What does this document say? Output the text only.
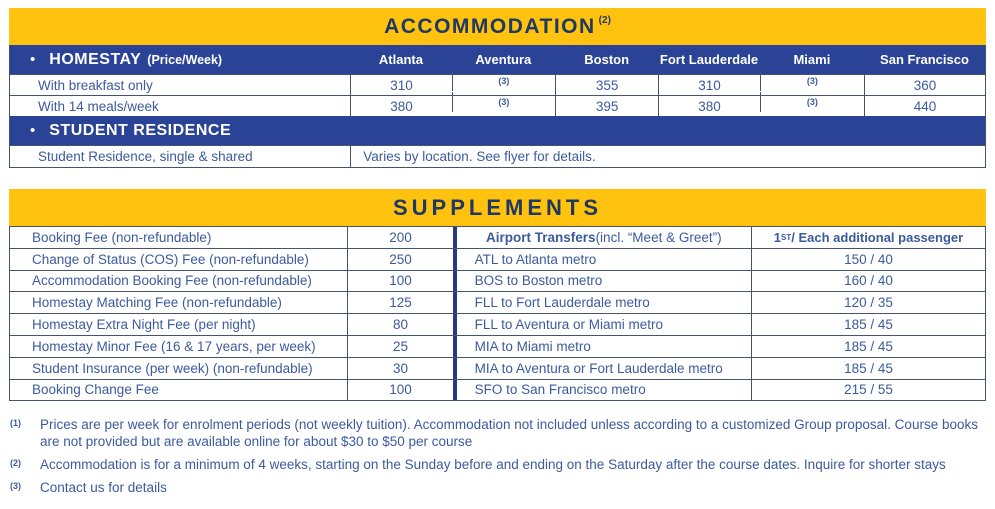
ACCOMMODATION $^{(2)}$
• HOMESTAY (Price/Week)	Atlanta	Aventura	Boston	Fort Lauderdale	Miami	San Francisco
With breakfast only	310	(3)	355	310	(3)	360
With 14 meals/week	380	(3)	395	380	(3)	440
• STUDENT RESIDENCE
Student Residence, single & shared	Varies by location. See flyer for details.
SUPPLEMENTS
Booking Fee (non-refundable)	200	Airport Transfers (incl. “Meet & Greet”)	1 ST / Each additional passenger
Change of Status (COS) Fee (non-refundable)	250	ATL to Atlanta metro	150 / 40
Accommodation Booking Fee (non-refundable)	100	BOS to Boston metro	160 / 40
Homestay Matching Fee (non-refundable)	125	FLL to Fort Lauderdale metro	120 / 35
Homestay Extra Night Fee (per night)	80	FLL to Aventura or Miami metro	185 / 45
Homestay Minor Fee (16 & 17 years, per week)	25	MIA to Miami metro	185 / 45
Student Insurance (per week) (non-refundable)	30	MIA to Aventura or Fort Lauderdale metro	185 / 45
Booking Change Fee	100	SFO to San Francisco metro	215 / 55
(1)	Prices are per week for enrolment periods (not weekly tuition). Accommodation not included unless according to a customized Group proposal. Course books are not provided but are available online for about $30 to $50 per course
(2)	Accommodation is for a minimum of 4 weeks, starting on the Sunday before and ending on the Saturday after the course dates. Inquire for shorter stays
(3)	Contact us for details
